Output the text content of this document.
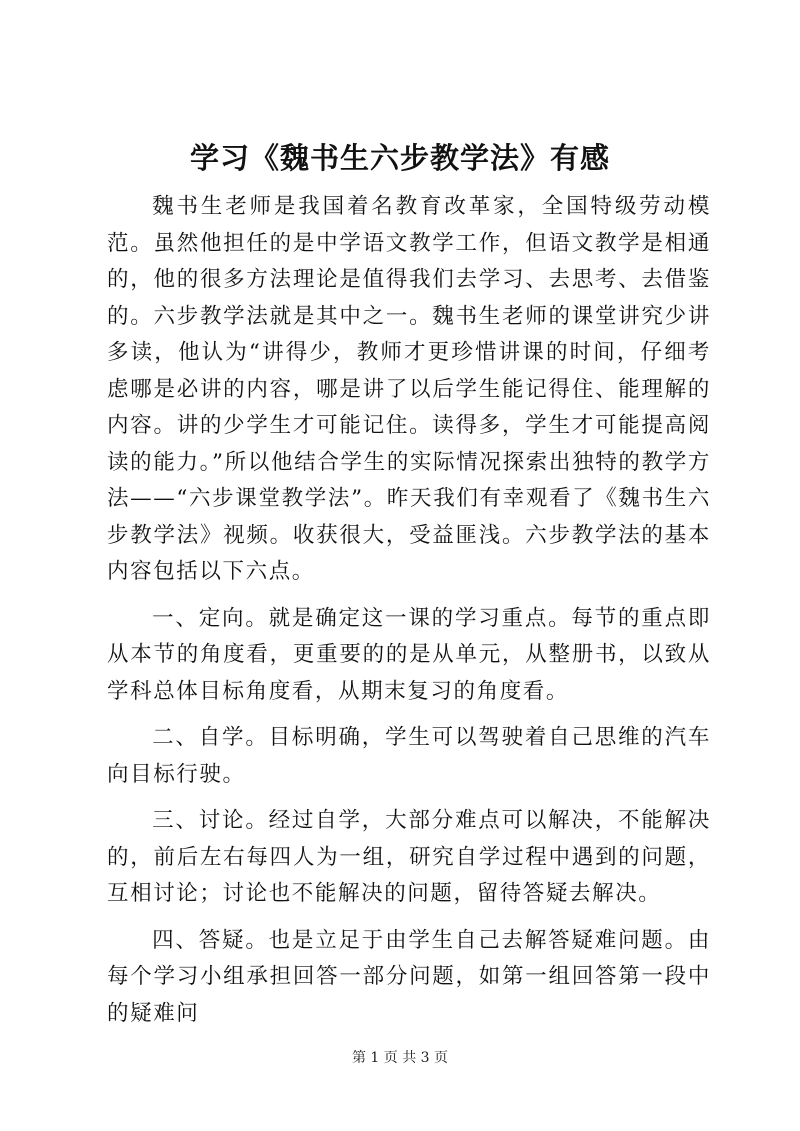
学习《魏书生六步教学法》有感

魏书生老师是我国着名教育改革家，全国特级劳动模范。虽然他担任的是中学语文教学工作，但语文教学是相通的，他的很多方法理论是值得我们去学习、去思考、去借鉴的。六步教学法就是其中之一。魏书生老师的课堂讲究少讲多读，他认为“讲得少，教师才更珍惜讲课的时间，仔细考虑哪是必讲的内容，哪是讲了以后学生能记得住、能理解的内容。讲的少学生才可能记住。读得多，学生才可能提高阅读的能力。”所以他结合学生的实际情况探索出独特的教学方法——“六步课堂教学法”。昨天我们有幸观看了《魏书生六步教学法》视频。收获很大，受益匪浅。六步教学法的基本内容包括以下六点。

一、定向。就是确定这一课的学习重点。每节的重点即从本节的角度看，更重要的的是从单元，从整册书，以致从学科总体目标角度看，从期末复习的角度看。

二、自学。目标明确，学生可以驾驶着自己思维的汽车向目标行驶。

三、讨论。经过自学，大部分难点可以解决，不能解决的，前后左右每四人为一组，研究自学过程中遇到的问题，互相讨论；讨论也不能解决的问题，留待答疑去解决。

四、答疑。也是立足于由学生自己去解答疑难问题。由每个学习小组承担回答一部分问题，如第一组回答第一段中的疑难问

第 1 页 共 3 页
